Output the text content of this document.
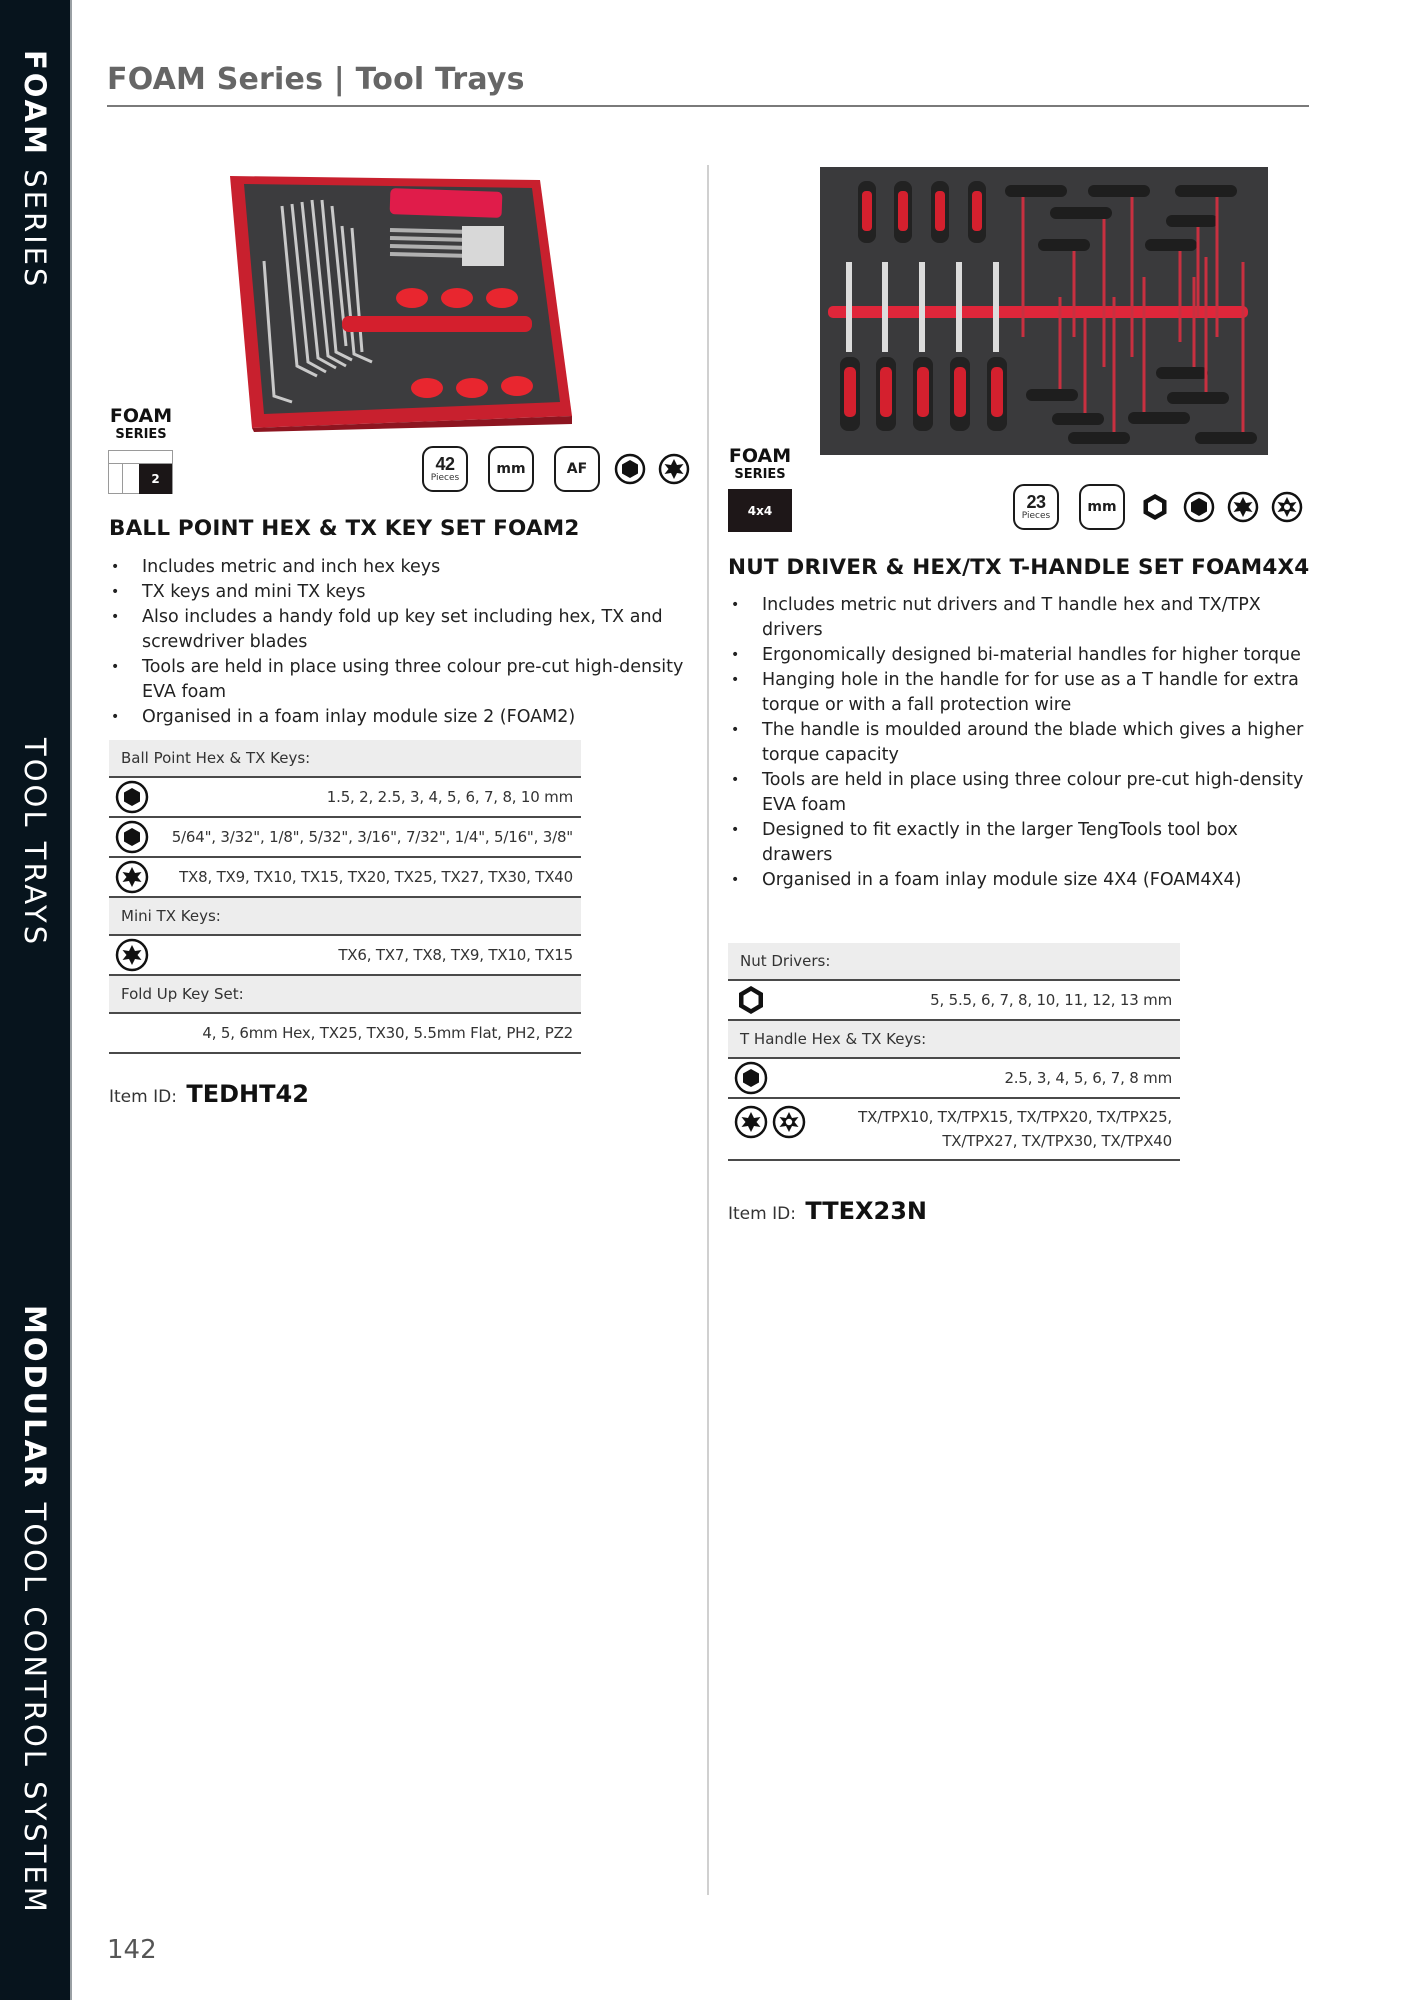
FOAM SERIES
TOOL TRAYS
MODULAR TOOL CONTROL SYSTEM
FOAM Series | Tool Trays
FOAM
SERIES
2
42
Pieces
mm	AF
BALL POINT HEX & TX KEY SET FOAM2
• Includes metric and inch hex keys
• TX keys and mini TX keys
• Also includes a handy fold up key set including hex, TX and screwdriver blades
• Tools are held in place using three colour pre-cut high-density EVA foam
• Organised in a foam inlay module size 2 (FOAM2)
Ball Point Hex & TX Keys:
1.5, 2, 2.5, 3, 4, 5, 6, 7, 8, 10 mm
5/64", 3/32", 1/8", 5/32", 3/16", 7/32", 1/4", 5/16", 3/8"
TX8, TX9, TX10, TX15, TX20, TX25, TX27, TX30, TX40
Mini TX Keys:
TX6, TX7, TX8, TX9, TX10, TX15
Fold Up Key Set:
4, 5, 6mm Hex, TX25, TX30, 5.5mm Flat, PH2, PZ2
Item ID: TEDHT42
FOAM
SERIES
4x4	23
Pieces
mm
NUT DRIVER & HEX/TX T-HANDLE SET FOAM4X4
• Includes metric nut drivers and T handle hex and TX/TPX drivers
• Ergonomically designed bi-material handles for higher torque
• Hanging hole in the handle for for use as a T handle for extra torque or with a fall protection wire
• The handle is moulded around the blade which gives a higher torque capacity
• Tools are held in place using three colour pre-cut high-density EVA foam
• Designed to fit exactly in the larger TengTools tool box drawers
• Organised in a foam inlay module size 4X4 (FOAM4X4)
Nut Drivers:
5, 5.5, 6, 7, 8, 10, 11, 12, 13 mm
T Handle Hex & TX Keys:
2.5, 3, 4, 5, 6, 7, 8 mm
TX/TPX10, TX/TPX15, TX/TPX20, TX/TPX25,
TX/TPX27, TX/TPX30, TX/TPX40
Item ID: TTEX23N
142
